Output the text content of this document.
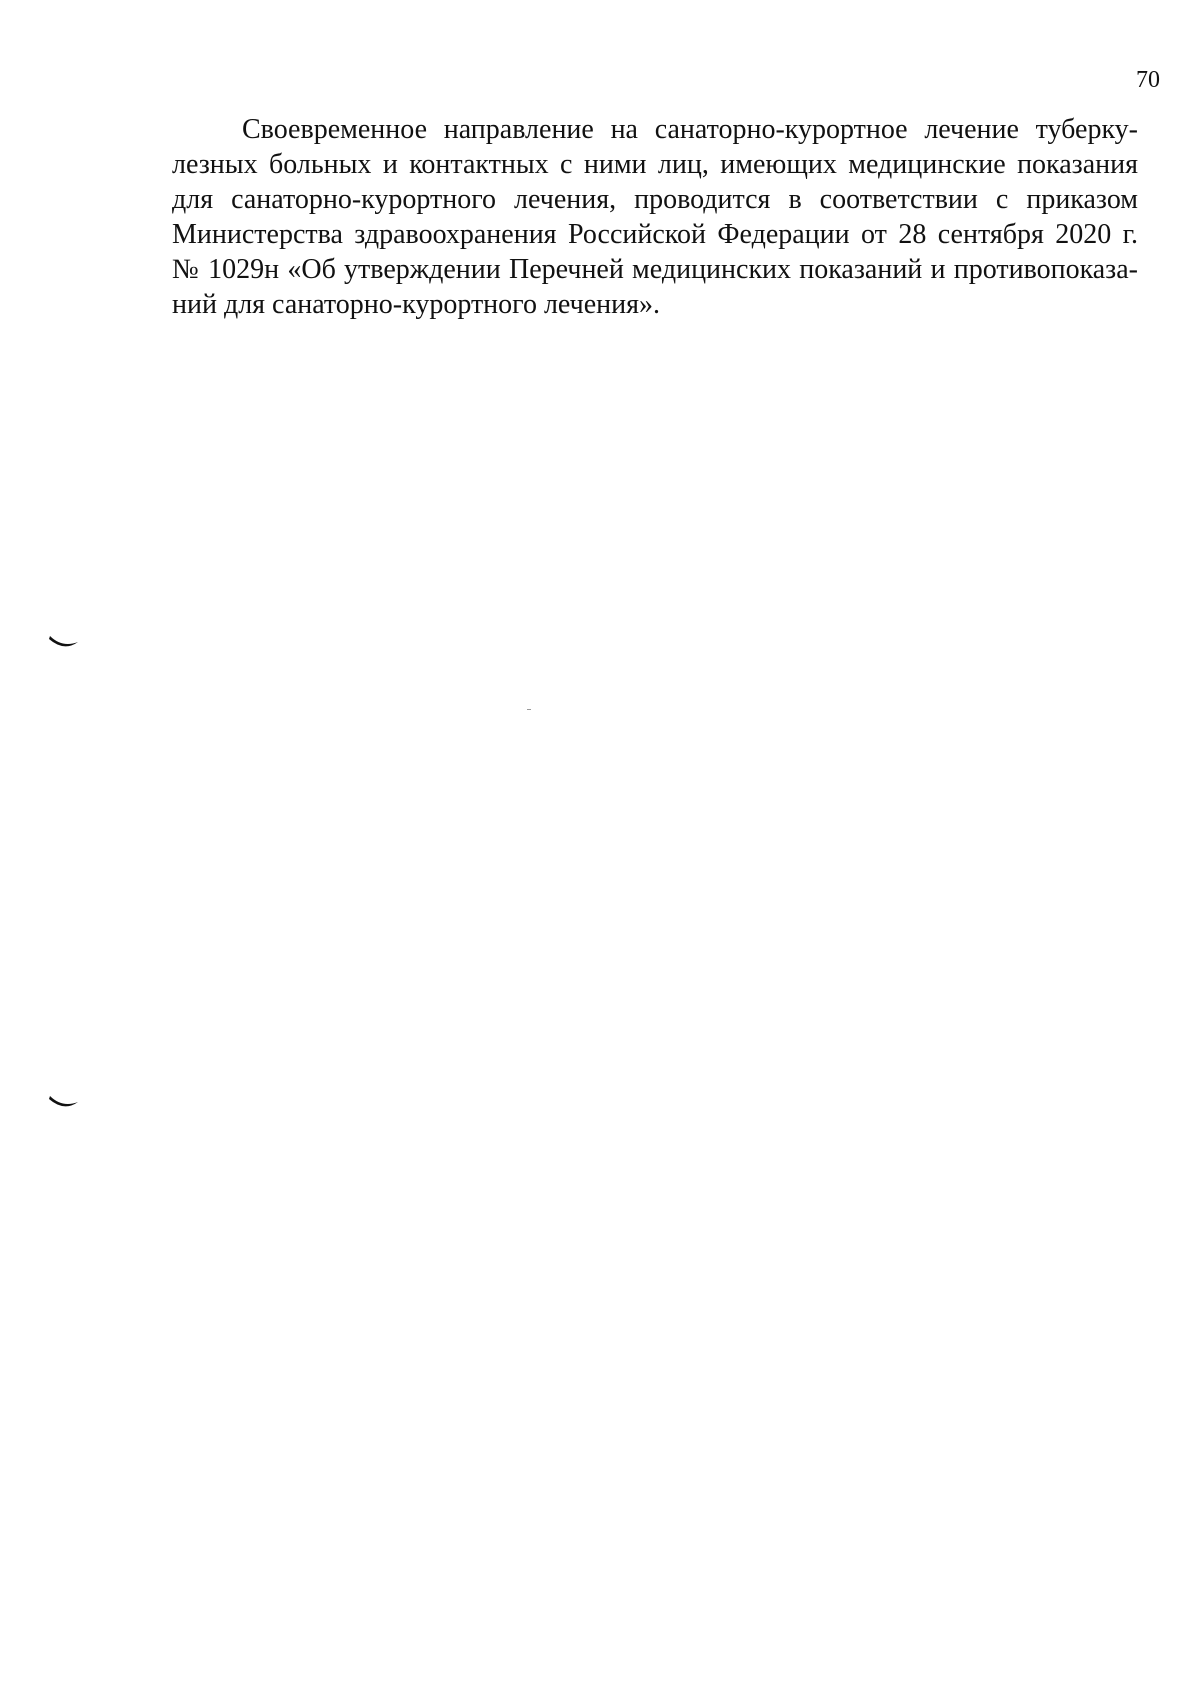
70
Своевременное направление на санаторно-курортное лечение туберку-
лезных больных и контактных с ними лиц, имеющих медицинские показания
для санаторно-курортного лечения, проводится в соответствии с приказом
Министерства здравоохранения Российской Федерации от 28 сентября 2020 г.
№ 1029н «Об утверждении Перечней медицинских показаний и противопоказа-
ний для санаторно-курортного лечения».
